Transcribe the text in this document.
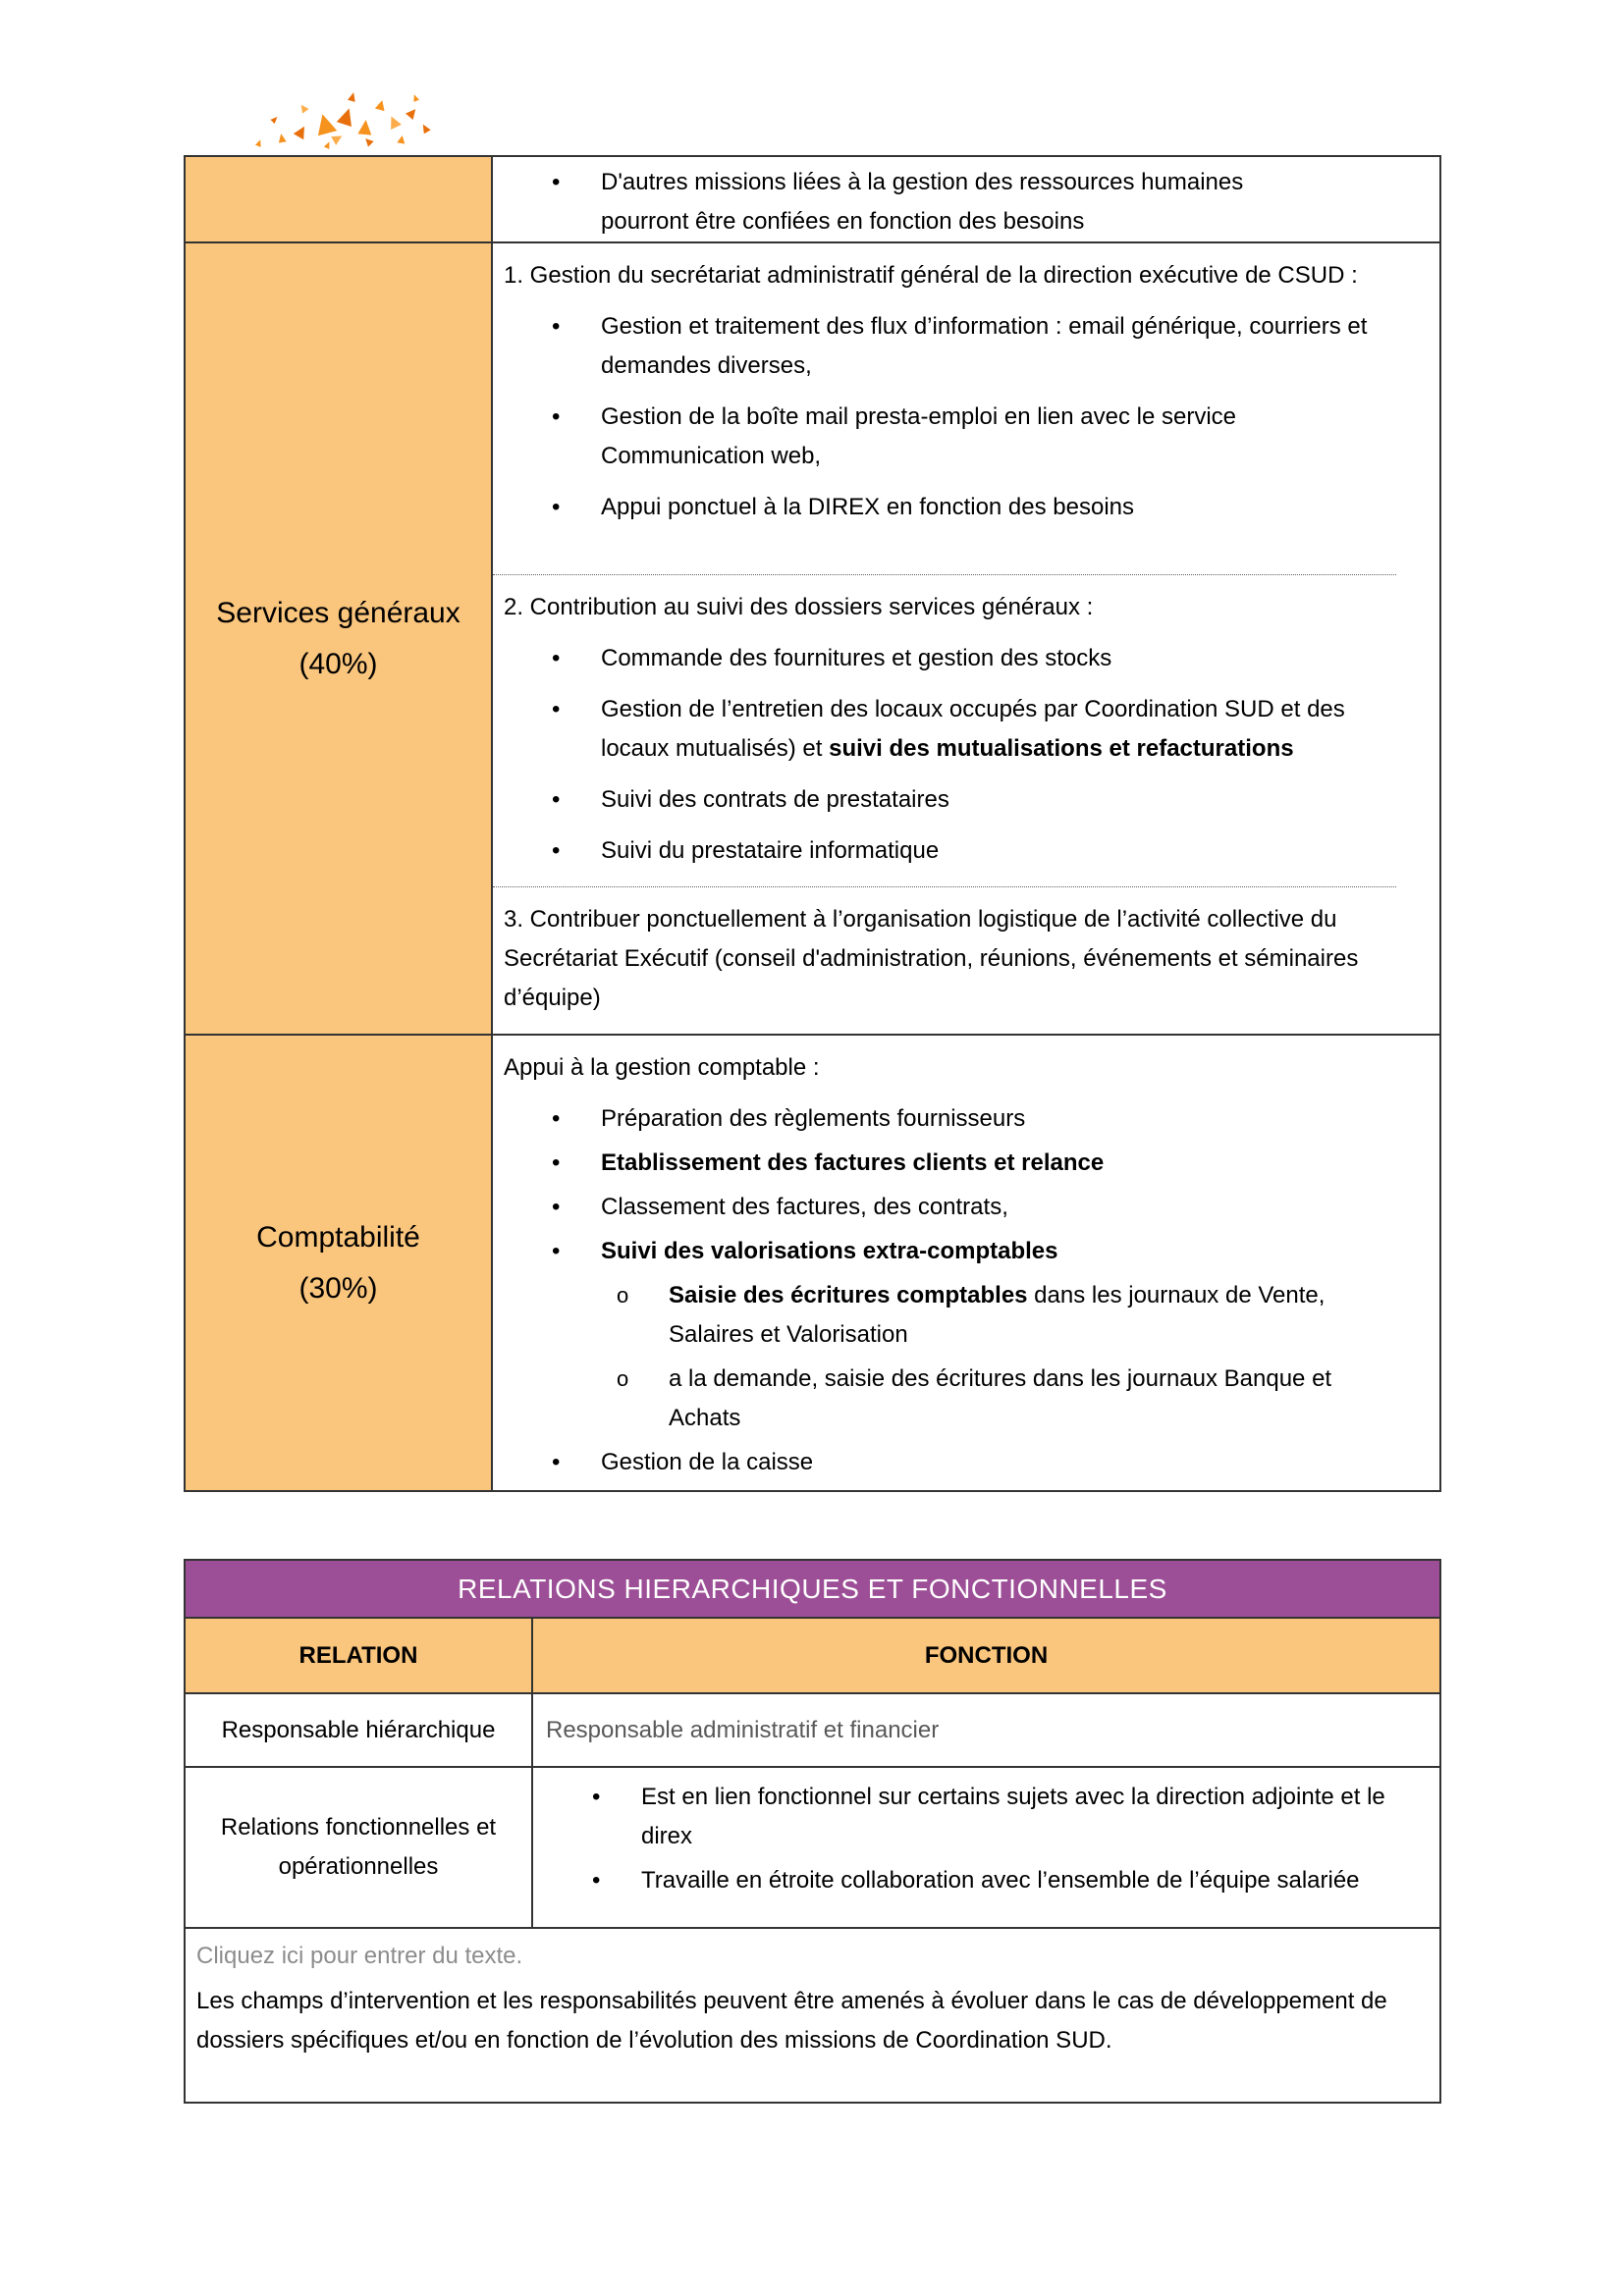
• D'autres missions liées à la gestion des ressources humaines pourront être confiées en fonction des besoins
Services généraux
(40%)

1. Gestion du secrétariat administratif général de la direction exécutive de CSUD :

• Gestion et traitement des flux d’information : email générique, courriers et demandes diverses,
• Gestion de la boîte mail presta-emploi en lien avec le service Communication web,
• Appui ponctuel à la DIREX en fonction des besoins

2. Contribution au suivi des dossiers services généraux :

• Commande des fournitures et gestion des stocks
• Gestion de l’entretien des locaux occupés par Coordination SUD et des locaux mutualisés) et suivi des mutualisations et refacturations
• Suivi des contrats de prestataires
• Suivi du prestataire informatique

3. Contribuer ponctuellement à l’organisation logistique de l’activité collective du Secrétariat Exécutif (conseil d'administration, réunions, événements et séminaires d’équipe)

Comptabilité
(30%)

Appui à la gestion comptable :

• Préparation des règlements fournisseurs
• Etablissement des factures clients et relance
• Classement des factures, des contrats,
• Suivi des valorisations extra-comptables
o Saisie des écritures comptables dans les journaux de Vente, Salaires et Valorisation
o a la demande, saisie des écritures dans les journaux Banque et Achats
• Gestion de la caisse
RELATIONS HIERARCHIQUES ET FONCTIONNELLES
RELATION	FONCTION
Responsable hiérarchique	Responsable administratif et financier
Relations fonctionnelles et opérationnelles
• Est en lien fonctionnel sur certains sujets avec la direction adjointe et le direx
• Travaille en étroite collaboration avec l’ensemble de l’équipe salariée

Cliquez ici pour entrer du texte.

Les champs d’intervention et les responsabilités peuvent être amenés à évoluer dans le cas de développement de dossiers spécifiques et/ou en fonction de l’évolution des missions de Coordination SUD.
